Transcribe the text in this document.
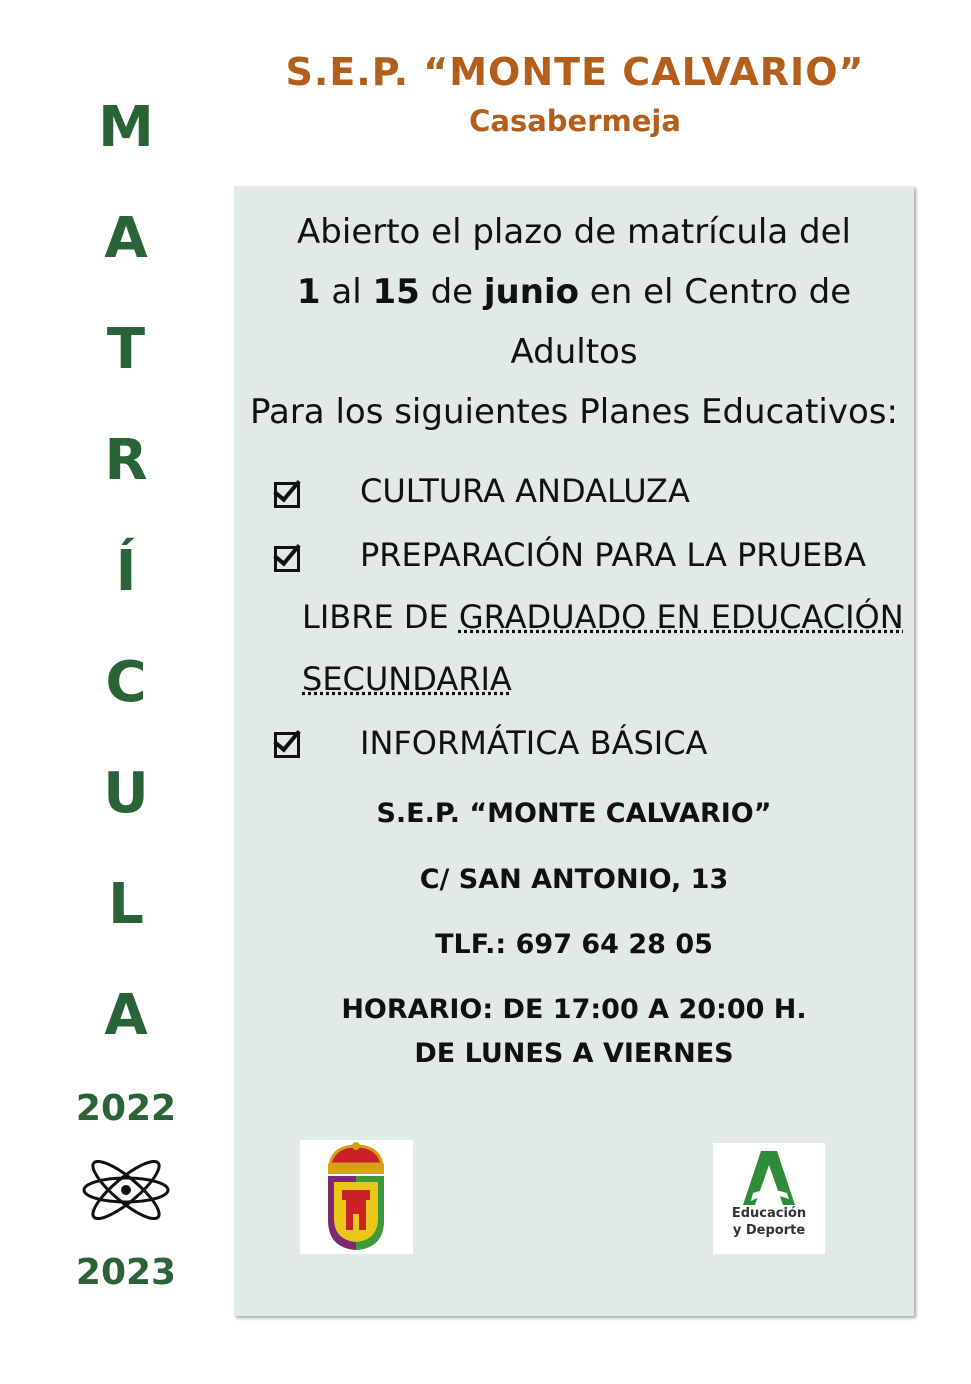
S.E.P. “MONTE CALVARIO”
Casabermeja
M
A
T
R
Í
C
U
L
A
2022
2023
Abierto el plazo de matrícula del
1 al 15 de junio en el Centro de Adultos
Para los siguientes Planes Educativos:
CULTURA ANDALUZA
PREPARACIÓN PARA LA PRUEBA
LIBRE DE GRADUADO EN EDUCACIÓN
SECUNDARIA
INFORMÁTICA BÁSICA
S.E.P. “MONTE CALVARIO”
C/ SAN ANTONIO, 13
TLF.: 697 64 28 05
HORARIO: DE 17:00 A 20:00 H.
DE LUNES A VIERNES
Educación
y Deporte
